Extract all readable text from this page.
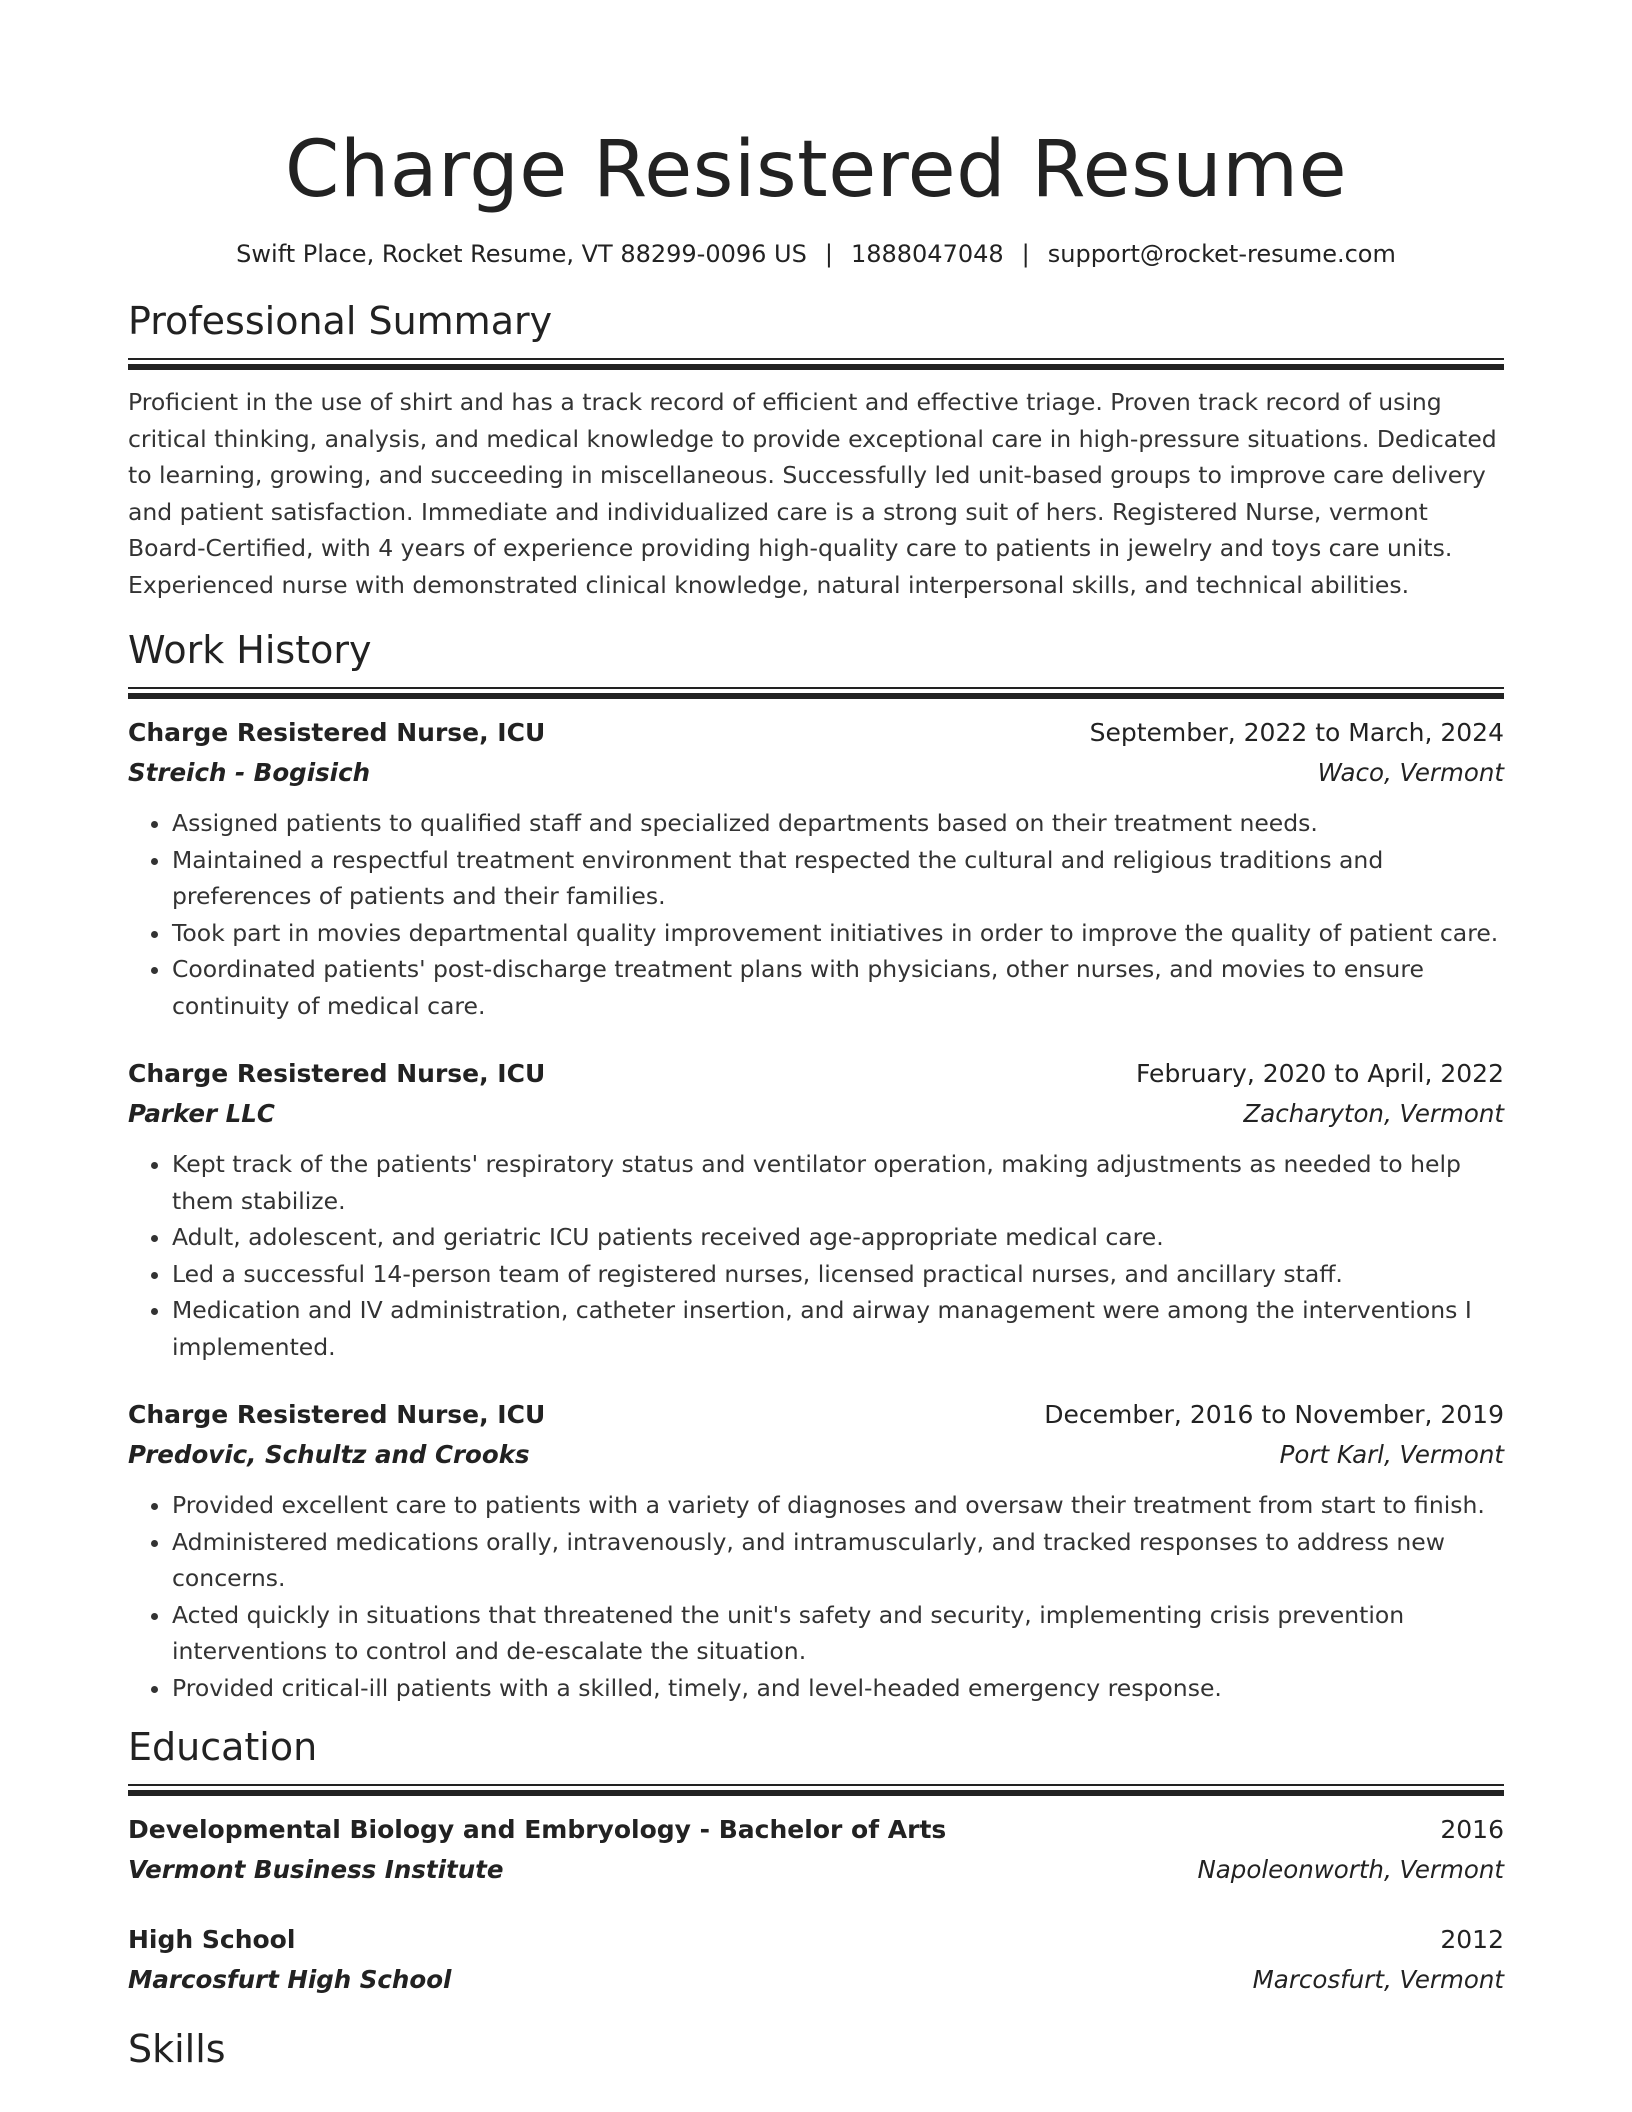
Charge Resistered Resume
Swift Place, Rocket Resume, VT 88299-0096 US | 1888047048 | support@rocket-resume.com
Professional Summary

Proficient in the use of shirt and has a track record of efficient and effective triage. Proven track record of using critical thinking, analysis, and medical knowledge to provide exceptional care in high-pressure situations. Dedicated to learning, growing, and succeeding in miscellaneous. Successfully led unit-based groups to improve care delivery and patient satisfaction. Immediate and individualized care is a strong suit of hers. Registered Nurse, vermont Board-Certified, with 4 years of experience providing high-quality care to patients in jewelry and toys care units. Experienced nurse with demonstrated clinical knowledge, natural interpersonal skills, and technical abilities.

Work History
Charge Resistered Nurse, ICU	September, 2022 to March, 2024
Streich - Bogisich	Waco, Vermont
• Assigned patients to qualified staff and specialized departments based on their treatment needs.
• Maintained a respectful treatment environment that respected the cultural and religious traditions and preferences of patients and their families.
• Took part in movies departmental quality improvement initiatives in order to improve the quality of patient care.
• Coordinated patients' post-discharge treatment plans with physicians, other nurses, and movies to ensure continuity of medical care.
Charge Resistered Nurse, ICU	February, 2020 to April, 2022
Parker LLC	Zacharyton, Vermont
• Kept track of the patients' respiratory status and ventilator operation, making adjustments as needed to help them stabilize.
• Adult, adolescent, and geriatric ICU patients received age-appropriate medical care.
• Led a successful 14-person team of registered nurses, licensed practical nurses, and ancillary staff.
• Medication and IV administration, catheter insertion, and airway management were among the interventions I implemented.
Charge Resistered Nurse, ICU	December, 2016 to November, 2019
Predovic, Schultz and Crooks	Port Karl, Vermont
• Provided excellent care to patients with a variety of diagnoses and oversaw their treatment from start to finish.
• Administered medications orally, intravenously, and intramuscularly, and tracked responses to address new concerns.
• Acted quickly in situations that threatened the unit's safety and security, implementing crisis prevention interventions to control and de-escalate the situation.
• Provided critical-ill patients with a skilled, timely, and level-headed emergency response.
Education
Developmental Biology and Embryology - Bachelor of Arts	2016
Vermont Business Institute	Napoleonworth, Vermont
High School	2012
Marcosfurt High School	Marcosfurt, Vermont
Skills
